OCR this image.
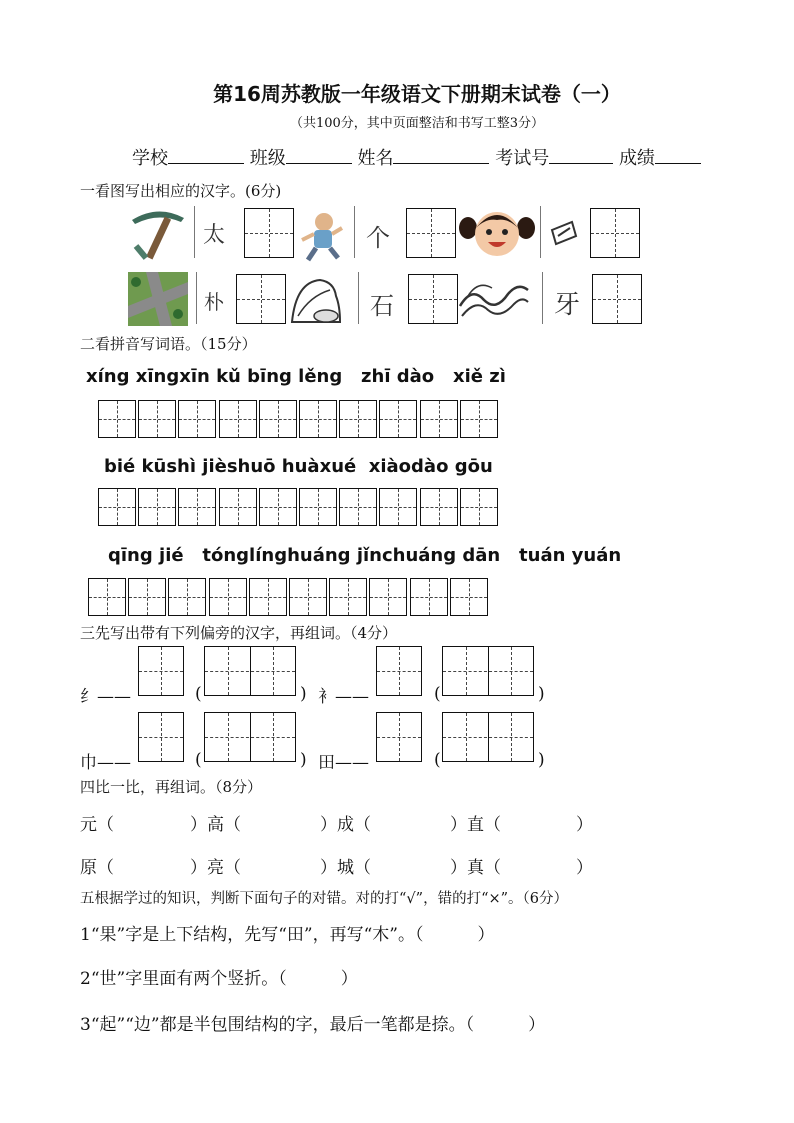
第16周苏教版一年级语文下册期末试卷（一）
（共100分，其中页面整洁和书写工整3分）
学校	班级	姓名	考试号	成绩
一看图写出相应的汉字。(6分)
太	个
朴	石	牙
二看拼音写词语。（15分）
xíng xīngxīn kǔ bīng lěng   zhī dào   xiě zì
bié kūshì jièshuō huàxué  xiàodào gōu
qīng jié   tónglínghuáng jǐnchuáng dān   tuán yuán
三先写出带有下列偏旁的汉字，再组词。（4分）
纟——	(	) 衤——	(	)
巾——	(	) 田——	(	)
四比一比，再组词。（8分）
元（	）高（	）成（	）直（	）
原（	）亮（	）城（	）真（	）
五根据学过的知识，判断下面句子的对错。对的打“√”，错的打“×”。（6分）
1“果”字是上下结构，先写“田”，再写“木”。（          ）
2“世”字里面有两个竖折。（          ）
3“起”“边”都是半包围结构的字，最后一笔都是捺。（          ）
